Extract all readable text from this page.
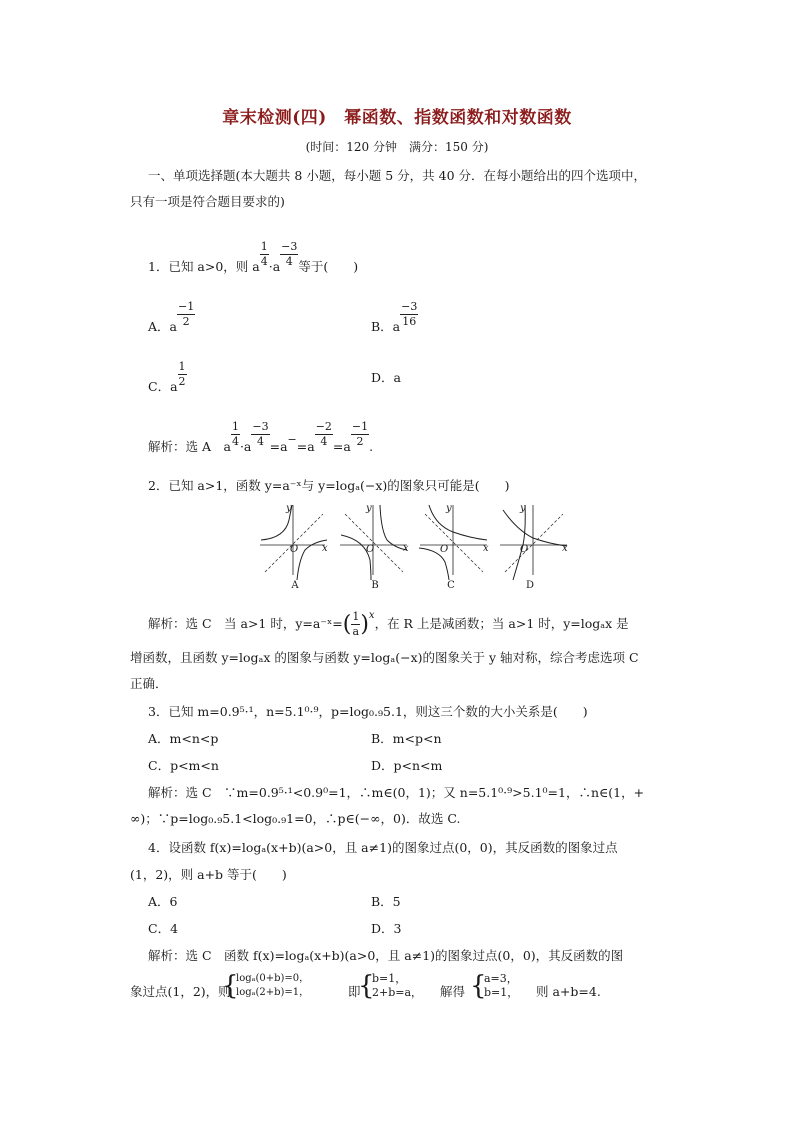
章末检测(四)　幂函数、指数函数和对数函数
(时间：120 分钟　满分：150 分)
一、单项选择题(本大题共 8 小题，每小题 5 分，共 40 分．在每小题给出的四个选项中，
只有一项是符合题目要求的)
1．已知 a>0，则 a $\frac{1}{4} \cdot a \frac{-3}{4}$ 等于(　　)
A．a $\frac{-1}{2}$	B．a $\frac{-3}{16}$
C．a $\frac{1}{2}$	D．a
解析：选 A　a $\frac{1}{4} \cdot a \frac{-3}{4} =a-=a \frac{-2}{4} =a \frac{-1}{2}$ .
2．已知 a>1，函数 y=a⁻ˣ与 y=logₐ(−x)的图象只可能是(　　)
y
x
O
y
x
O
y
x
O
y
x
O
A	B	C	D
解析：选 C　当 a>1 时，y=a⁻ˣ=( $\frac{1}{a} )^x$，在 R 上是减函数；当 a>1 时，y=logₐx 是
增函数，且函数 y=logₐx 的图象与函数 y=logₐ(−x)的图象关于 y 轴对称，综合考虑选项 C
正确．
3．已知 m=0.9⁵·¹，n=5.1⁰·⁹，p=log₀.₉5.1，则这三个数的大小关系是(　　)
A．m<n<p	B．m<p<n
C．p<m<n	D．p<n<m
解析：选 C　∵m=0.9⁵·¹<0.9⁰=1，∴m∈(0，1)；又 n=5.1⁰·⁹>5.1⁰=1，∴n∈(1，+
∞)；∵p=log₀.₉5.1<log₀.₉1=0，∴p∈(−∞，0)．故选 C.
4．设函数 f(x)=logₐ(x+b)(a>0，且 a≠1)的图象过点(0，0)，其反函数的图象过点
(1，2)，则 a+b 等于(　　)
A．6	B．5
C．4	D．3
解析：选 C　函数 f(x)=logₐ(x+b)(a>0，且 a≠1)的图象过点(0，0)，其反函数的图
象过点(1，2)，则
{
logₐ(0+b)=0，
logₐ(2+b)=1，	即
{
b=1，
2+b=a， 解得 {
a=3，
b=1， 则 a+b=4.
